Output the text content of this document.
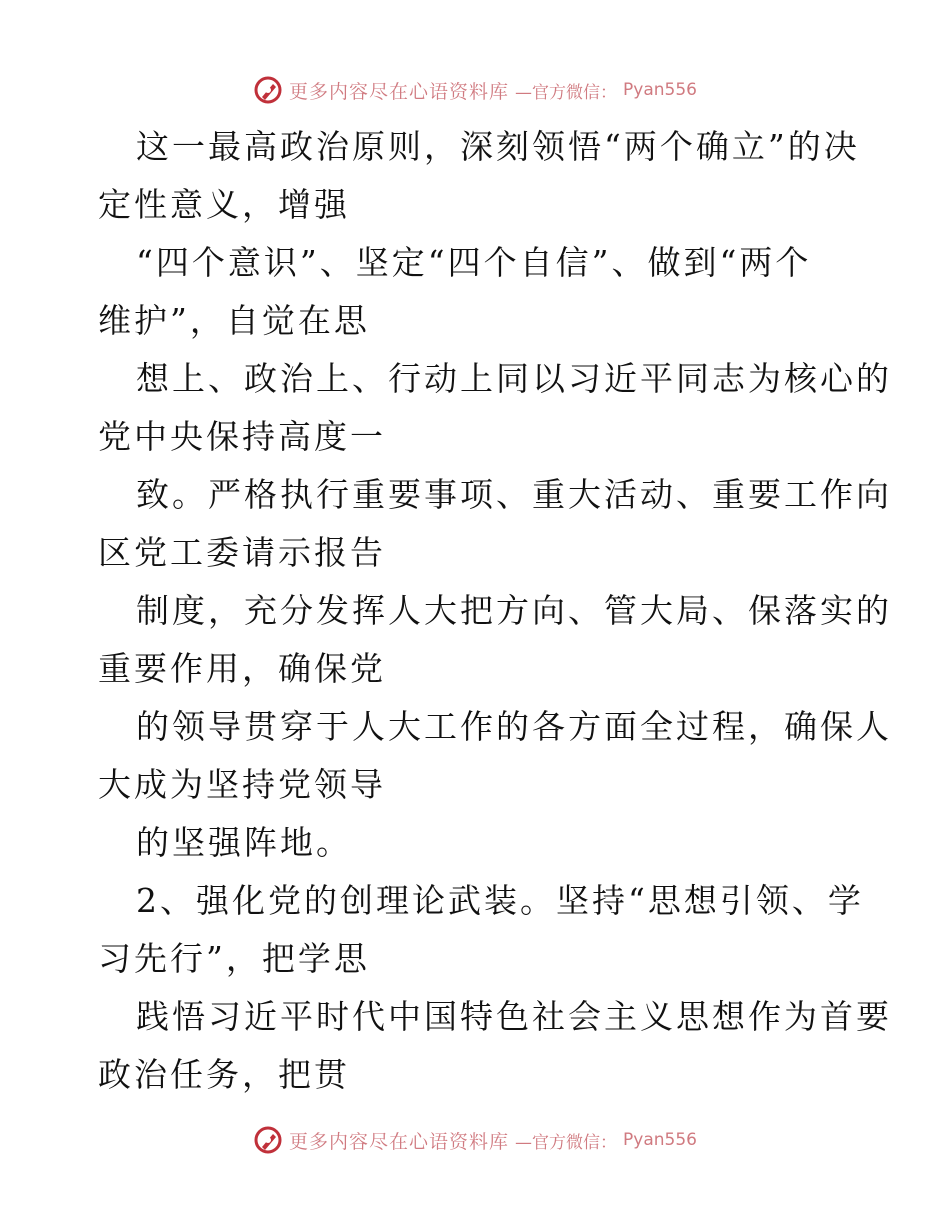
更多内容尽在心语资料库 —官方微信： Pyan556
这一最高政治原则，深刻领悟“两个确立”的决
定性意义，增强
“四个意识”、坚定“四个自信”、做到“两个
维护”，自觉在思
想上、政治上、行动上同以习近平同志为核心的
党中央保持高度一
致。严格执行重要事项、重大活动、重要工作向
区党工委请示报告
制度，充分发挥人大把方向、管大局、保落实的
重要作用，确保党
的领导贯穿于人大工作的各方面全过程，确保人
大成为坚持党领导
的坚强阵地。
2、强化党的创理论武装。坚持“思想引领、学
习先行”，把学思
践悟习近平时代中国特色社会主义思想作为首要
政治任务，把贯
更多内容尽在心语资料库 —官方微信： Pyan556
